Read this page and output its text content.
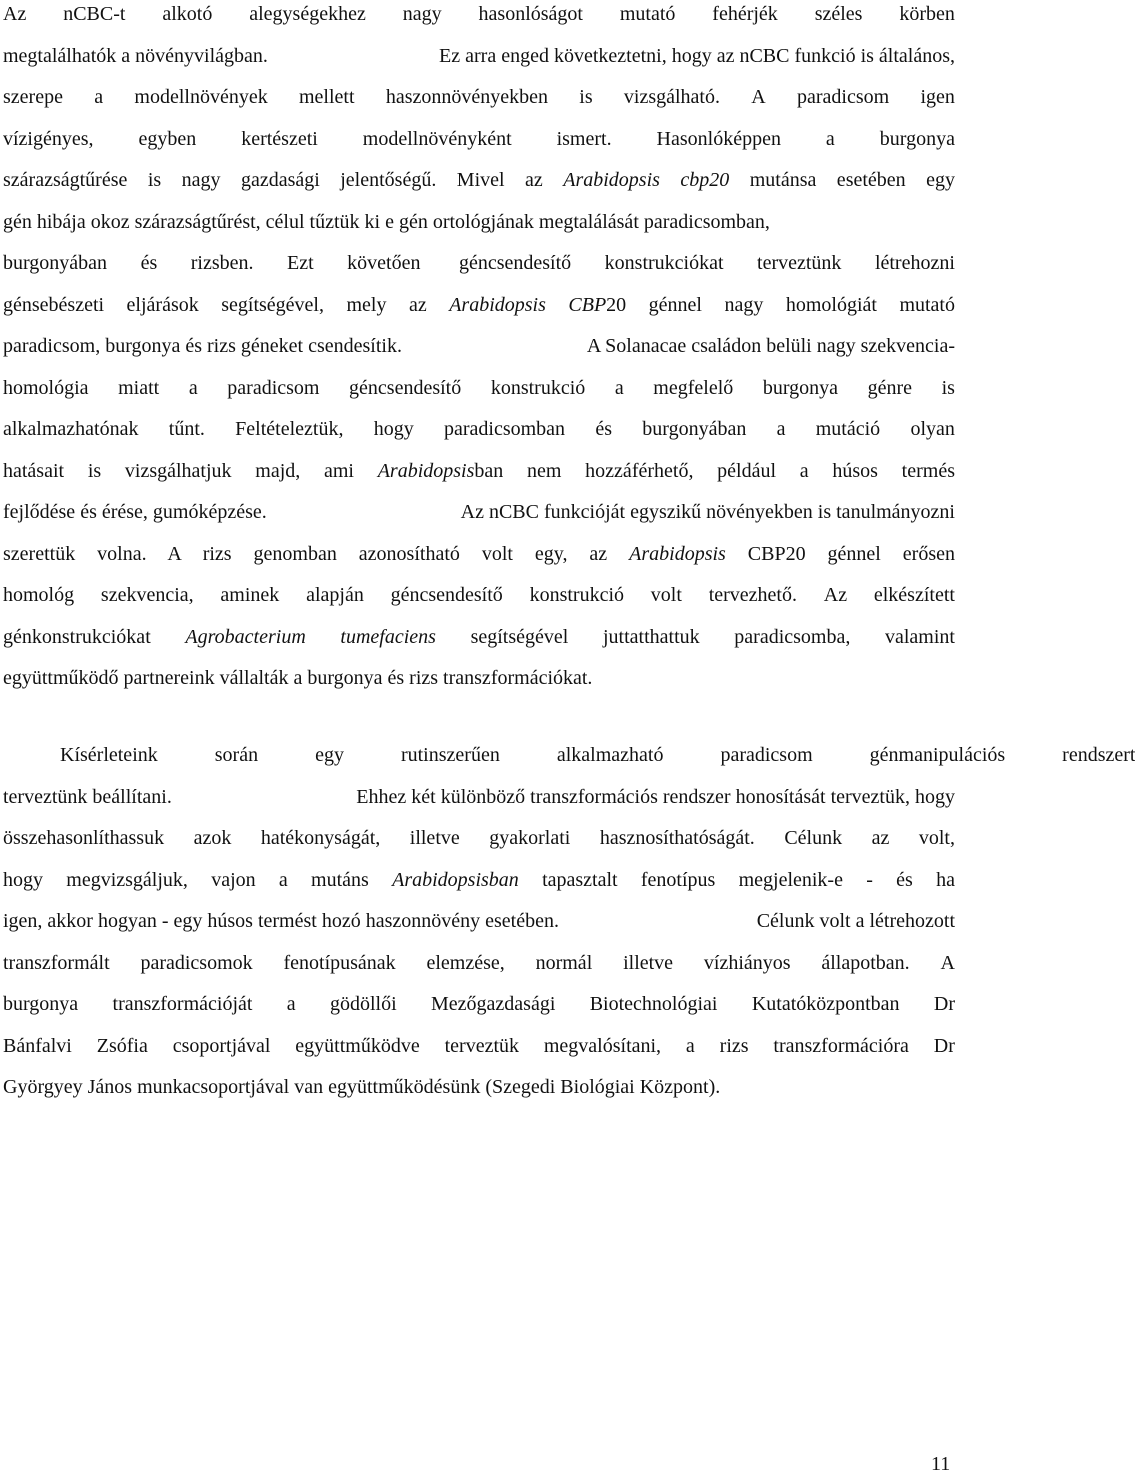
Az nCBC-t alkotó alegységekhez nagy hasonlóságot mutató fehérjék széles körben
megtalálhatók a növényvilágban.	Ez arra enged következtetni, hogy az nCBC funkció is általános,
szerepe a modellnövények mellett haszonnövényekben is vizsgálható. A paradicsom igen
vízigényes, egyben kertészeti modellnövényként ismert. Hasonlóképpen a burgonya
szárazságtűrése is nagy gazdasági jelentőségű. Mivel az Arabidopsis cbp20 mutánsa esetében egy
gén hibája okoz szárazságtűrést, célul tűztük ki e gén ortológjának megtalálását paradicsomban,
burgonyában és rizsben. Ezt követően géncsendesítő konstrukciókat terveztünk létrehozni
génsebészeti eljárások segítségével, mely az Arabidopsis CBP20 génnel nagy homológiát mutató
paradicsom, burgonya és rizs géneket csendesítik.	A Solanacae családon belüli nagy szekvencia-
homológia miatt a paradicsom géncsendesítő konstrukció a megfelelő burgonya génre is
alkalmazhatónak tűnt. Feltételeztük, hogy paradicsomban és burgonyában a mutáció olyan
hatásait is vizsgálhatjuk majd, ami Arabidopsisban nem hozzáférhető, például a húsos termés
fejlődése és érése, gumóképzése.	Az nCBC funkcióját egyszikű növényekben is tanulmányozni
szerettük volna. A rizs genomban azonosítható volt egy, az Arabidopsis CBP20 génnel erősen
homológ szekvencia, aminek alapján géncsendesítő konstrukció volt tervezhető. Az elkészített
génkonstrukciókat Agrobacterium tumefaciens segítségével juttatthattuk paradicsomba, valamint
együttműködő partnereink vállalták a burgonya és rizs transzformációkat.
Kísérleteink	során	egy	rutinszerűen	alkalmazható	paradicsom	génmanipulációs	rendszert
terveztünk beállítani.	Ehhez két különböző transzformációs rendszer honosítását terveztük, hogy
összehasonlíthassuk azok hatékonyságát, illetve gyakorlati hasznosíthatóságát. Célunk az volt,
hogy megvizsgáljuk, vajon a mutáns Arabidopsisban tapasztalt fenotípus megjelenik-e - és ha
igen, akkor hogyan - egy húsos termést hozó haszonnövény esetében.	Célunk volt a létrehozott
transzformált paradicsomok fenotípusának elemzése, normál illetve vízhiányos állapotban. A
burgonya transzformációját a gödöllői Mezőgazdasági Biotechnológiai Kutatóközpontban Dr
Bánfalvi Zsófia csoportjával együttműködve terveztük megvalósítani, a rizs transzformációra Dr
Györgyey János munkacsoportjával van együttműködésünk (Szegedi Biológiai Központ).
11
